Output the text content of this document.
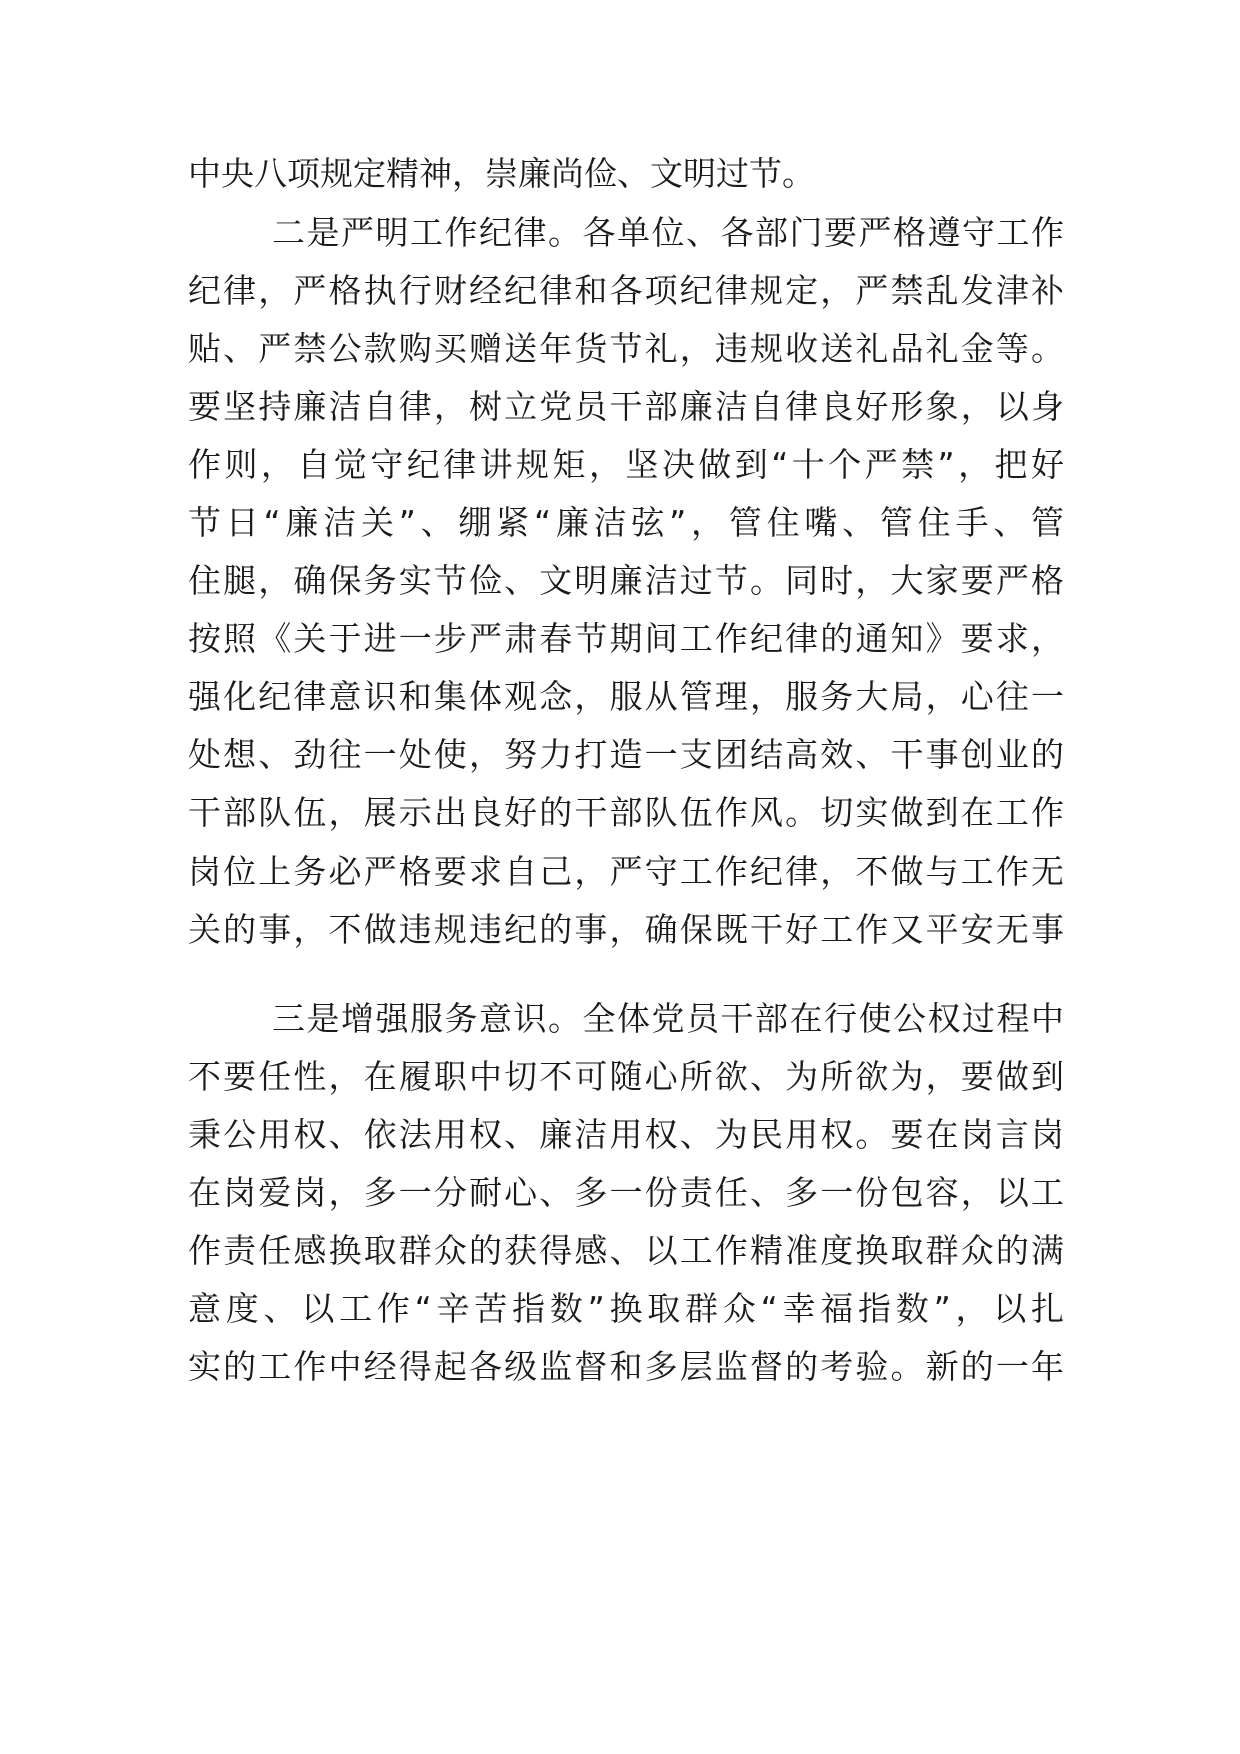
中央八项规定精神，崇廉尚俭、文明过节。
二是严明工作纪律。各单位、各部门要严格遵守工作
纪律，严格执行财经纪律和各项纪律规定，严禁乱发津补
贴、严禁公款购买赠送年货节礼，违规收送礼品礼金等。
要坚持廉洁自律，树立党员干部廉洁自律良好形象，以身
作则，自觉守纪律讲规矩，坚决做到“十个严禁”，把好
节日“廉洁关”、绷紧“廉洁弦”，管住嘴、管住手、管
住腿，确保务实节俭、文明廉洁过节。同时，大家要严格
按照《关于进一步严肃春节期间工作纪律的通知》要求，
强化纪律意识和集体观念，服从管理，服务大局，心往一
处想、劲往一处使，努力打造一支团结高效、干事创业的
干部队伍，展示出良好的干部队伍作风。切实做到在工作
岗位上务必严格要求自己，严守工作纪律，不做与工作无
关的事，不做违规违纪的事，确保既干好工作又平安无事
三是增强服务意识。全体党员干部在行使公权过程中
不要任性，在履职中切不可随心所欲、为所欲为，要做到
秉公用权、依法用权、廉洁用权、为民用权。要在岗言岗
在岗爱岗，多一分耐心、多一份责任、多一份包容，以工
作责任感换取群众的获得感、以工作精准度换取群众的满
意度、以工作“辛苦指数”换取群众“幸福指数”，以扎
实的工作中经得起各级监督和多层监督的考验。新的一年
